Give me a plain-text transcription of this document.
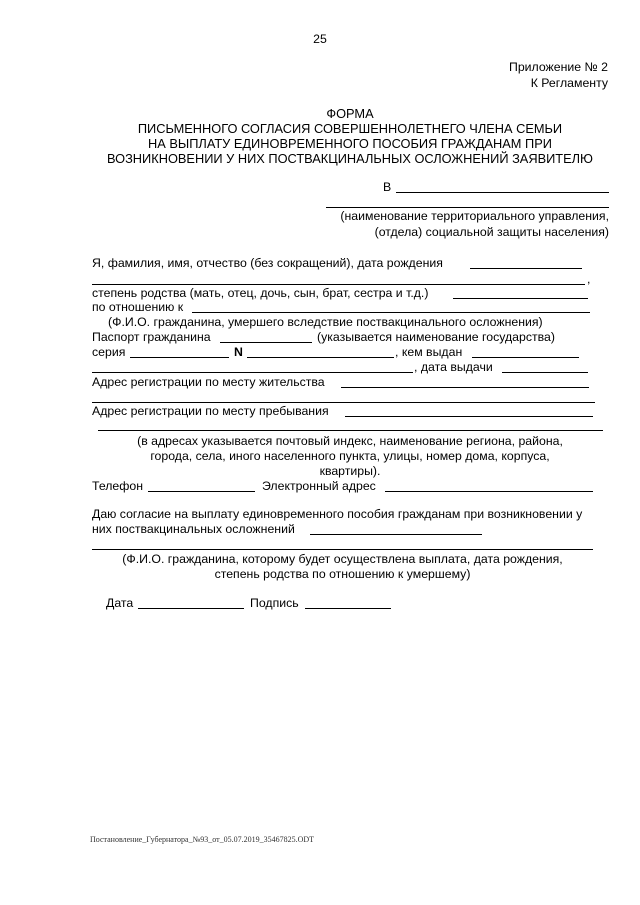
25
Приложение № 2
К Регламенту
ФОРМА
ПИСЬМЕННОГО СОГЛАСИЯ СОВЕРШЕННОЛЕТНЕГО ЧЛЕНА СЕМЬИ
НА ВЫПЛАТУ ЕДИНОВРЕМЕННОГО ПОСОБИЯ ГРАЖДАНАМ ПРИ
ВОЗНИКНОВЕНИИ У НИХ ПОСТВАКЦИНАЛЬНЫХ ОСЛОЖНЕНИЙ ЗАЯВИТЕЛЮ
В
(наименование территориального управления,
(отдела) социальной защиты населения)
Я, фамилия, имя, отчество (без сокращений), дата рождения
,
степень родства (мать, отец, дочь, сын, брат, сестра и т.д.)
по отношению к
(Ф.И.О. гражданина, умершего вследствие поствакцинального осложнения)
Паспорт гражданина	(указывается наименование государства)
серия	N	, кем выдан
, дата выдачи
Адрес регистрации по месту жительства
Адрес регистрации по месту пребывания
(в адресах указывается почтовый индекс, наименование региона, района,
города, села, иного населенного пункта, улицы, номер дома, корпуса,
квартиры).
Телефон	Электронный адрес
Даю согласие на выплату единовременного пособия гражданам при возникновении у
них поствакцинальных осложнений
(Ф.И.О. гражданина, которому будет осуществлена выплата, дата рождения,
степень родства по отношению к умершему)
Дата	Подпись
Постановление_Губернатора_№93_от_05.07.2019_35467825.ODT
